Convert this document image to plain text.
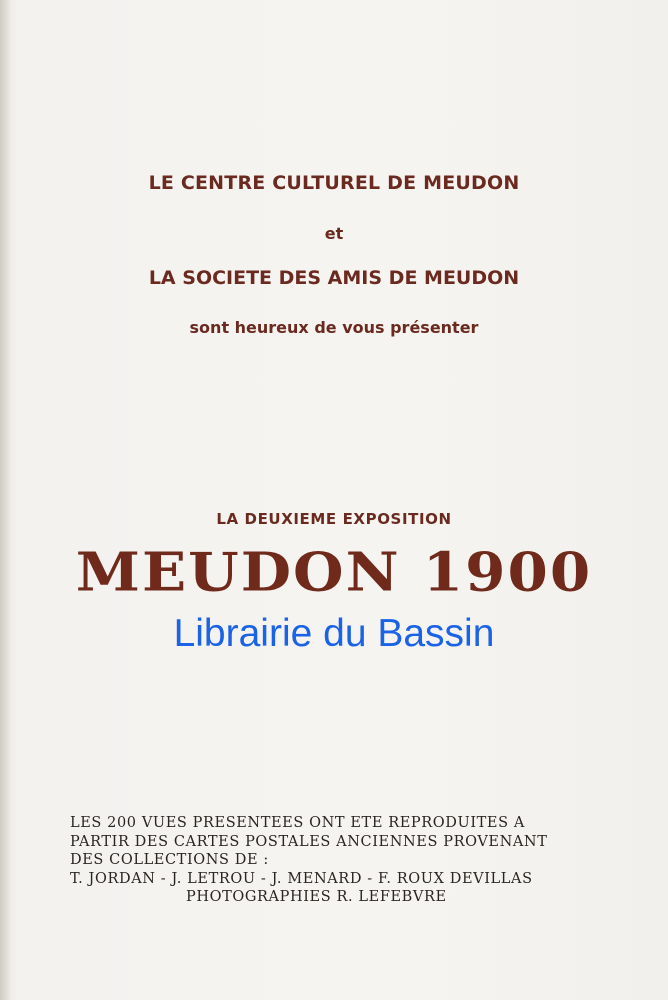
LE CENTRE CULTUREL DE MEUDON
et
LA SOCIETE DES AMIS DE MEUDON
sont heureux de vous présenter
LA DEUXIEME EXPOSITION
MEUDON 1900
Librairie du Bassin
LES 200 VUES PRESENTEES ONT ETE REPRODUITES A
PARTIR DES CARTES POSTALES ANCIENNES PROVENANT
DES COLLECTIONS DE :
T. JORDAN - J. LETROU - J. MENARD - F. ROUX DEVILLAS
PHOTOGRAPHIES R. LEFEBVRE
